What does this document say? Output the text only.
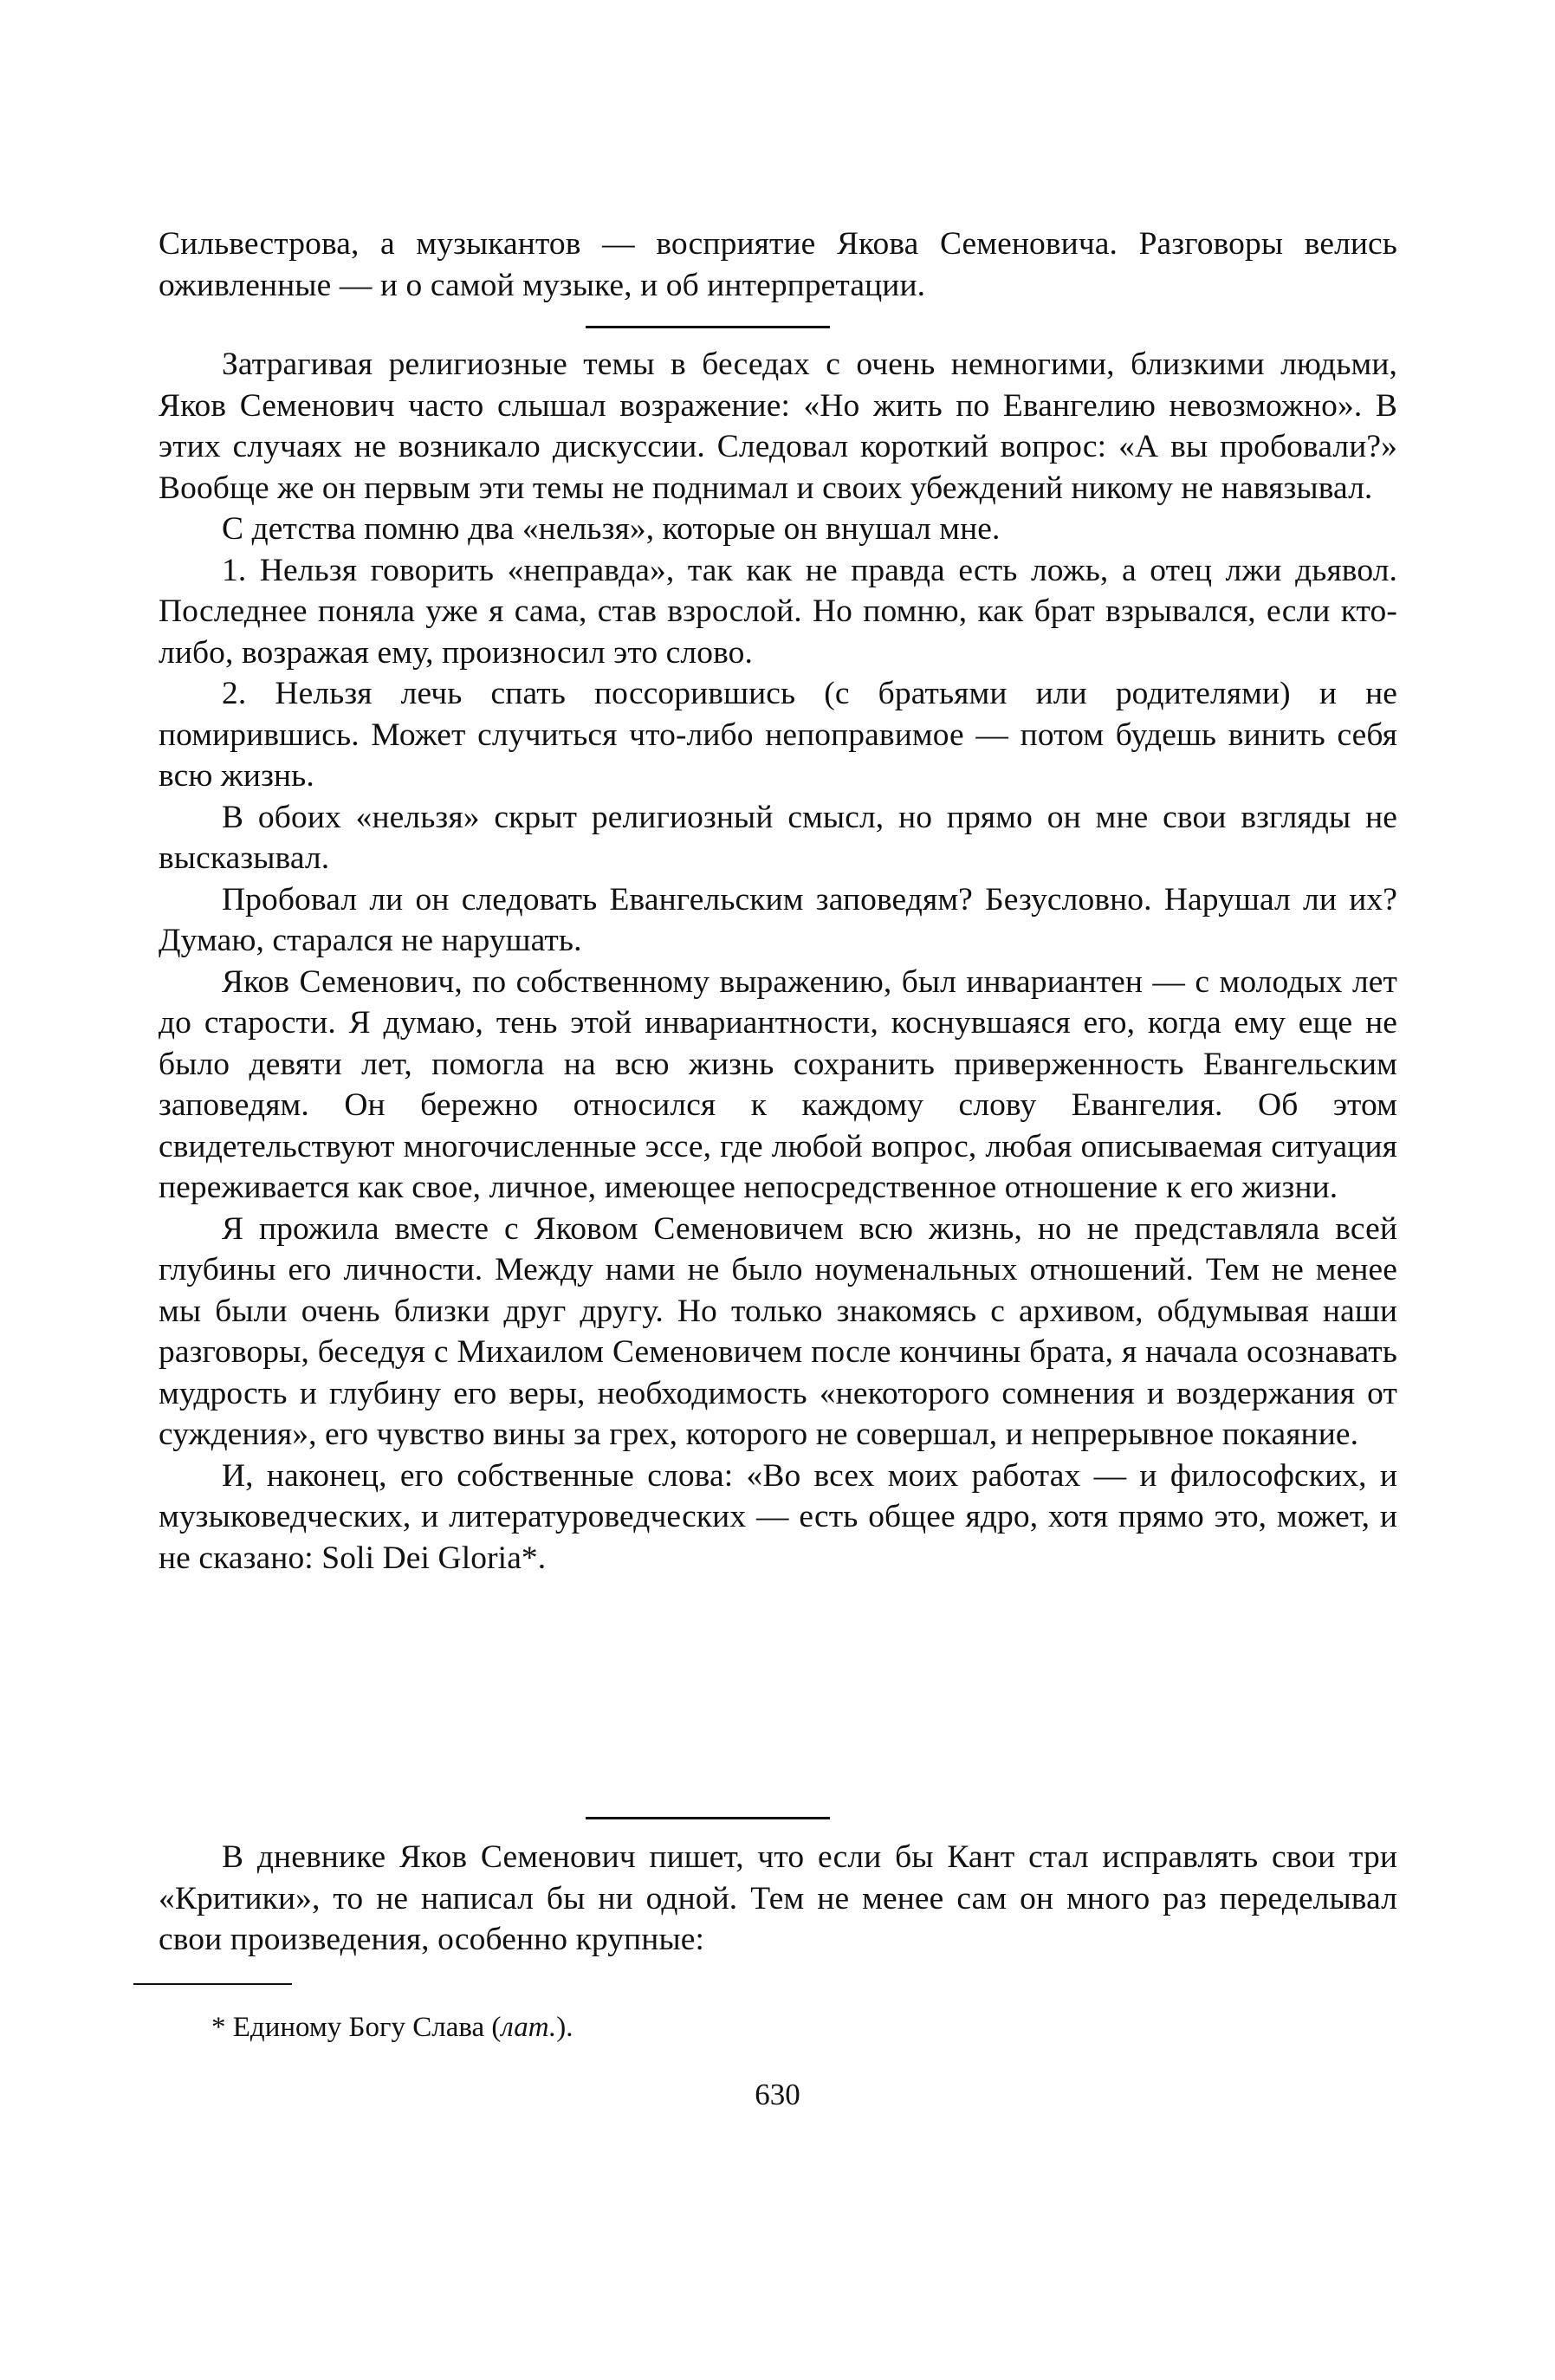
Сильвестрова, а музыкантов — восприятие Якова Семеновича. Разговоры велись оживленные — и о самой музыке, и об интерпретации.

Затрагивая религиозные темы в беседах с очень немногими, близкими людьми, Яков Семенович часто слышал возражение: «Но жить по Евангелию невозможно». В этих случаях не возникало дискуссии. Следовал короткий вопрос: «А вы пробовали?» Вообще же он первым эти темы не поднимал и своих убеждений никому не навязывал.

С детства помню два «нельзя», которые он внушал мне.

1. Нельзя говорить «неправда», так как не правда есть ложь, а отец лжи дьявол. Последнее поняла уже я сама, став взрослой. Но помню, как брат взрывался, если кто-либо, возражая ему, произносил это слово.

2. Нельзя лечь спать поссорившись (с братьями или родителями) и не помирившись. Может случиться что-либо непоправимое — потом будешь винить себя всю жизнь.

В обоих «нельзя» скрыт религиозный смысл, но прямо он мне свои взгляды не высказывал.

Пробовал ли он следовать Евангельским заповедям? Безусловно. Нарушал ли их? Думаю, старался не нарушать.

Яков Семенович, по собственному выражению, был инвариантен — с молодых лет до старости. Я думаю, тень этой инвариантности, коснувшаяся его, когда ему еще не было девяти лет, помогла на всю жизнь сохранить приверженность Евангельским заповедям. Он бережно относился к каждому слову Евангелия. Об этом свидетельствуют многочисленные эссе, где любой вопрос, любая описываемая ситуация переживается как свое, личное, имеющее непосредственное отношение к его жизни.

Я прожила вместе с Яковом Семеновичем всю жизнь, но не представляла всей глубины его личности. Между нами не было ноуменальных отношений. Тем не менее мы были очень близки друг другу. Но только знакомясь с архивом, обдумывая наши разговоры, беседуя с Михаилом Семеновичем после кончины брата, я начала осознавать мудрость и глубину его веры, необходимость «некоторого сомнения и воздержания от суждения», его чувство вины за грех, которого не совершал, и непрерывное покаяние.

И, наконец, его собственные слова: «Во всех моих работах — и философских, и музыковедческих, и литературоведческих — есть общее ядро, хотя прямо это, может, и не сказано: Soli Dei Gloria*.

В дневнике Яков Семенович пишет, что если бы Кант стал исправлять свои три «Критики», то не написал бы ни одной. Тем не менее сам он много раз переделывал свои произведения, особенно крупные:

* Единому Богу Слава (лат.).
630
